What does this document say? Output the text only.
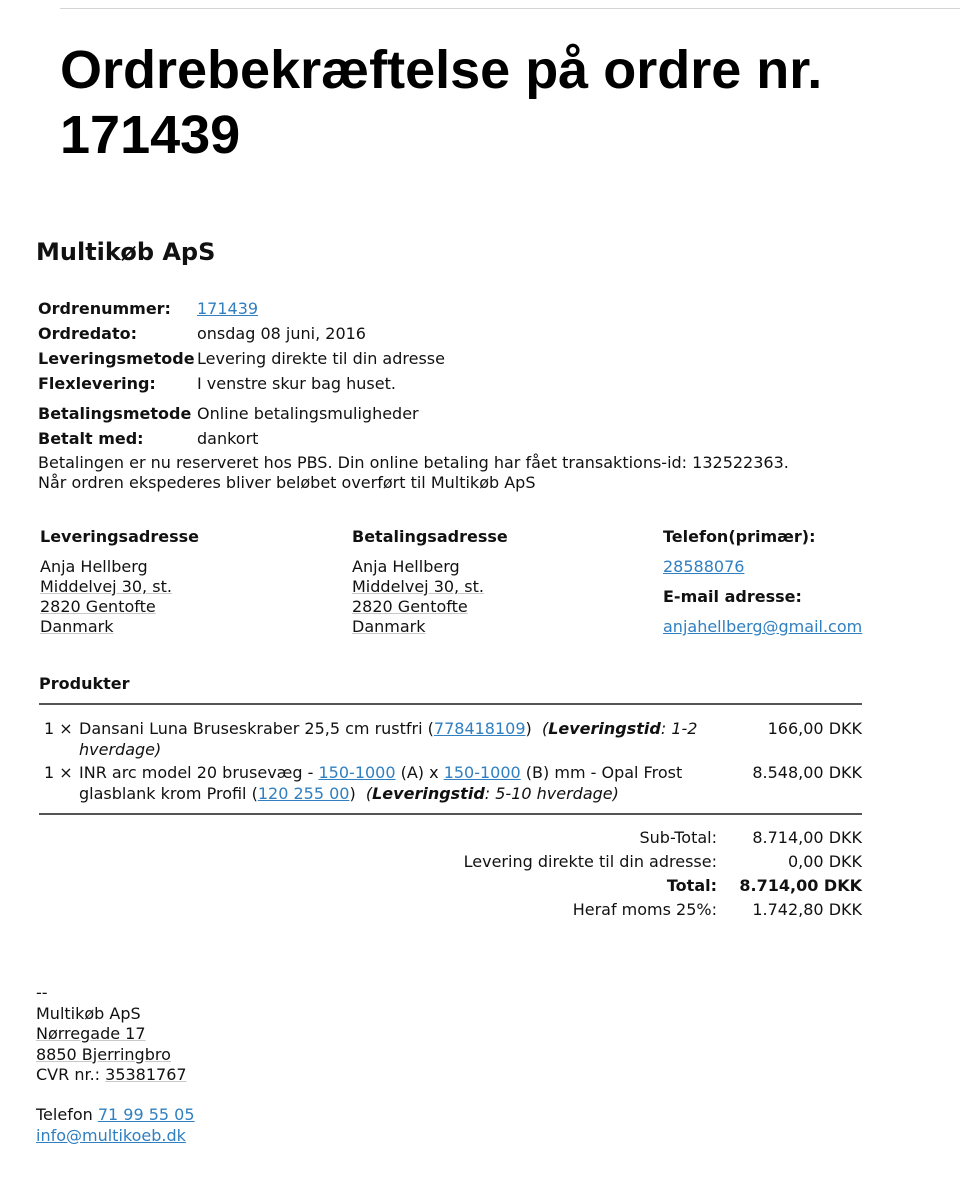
Ordrebekræftelse på ordre nr.
171439
Multikøb ApS
Ordrenummer: 171439
Ordredato:	onsdag 08 juni, 2016
Leveringsmetode Levering direkte til din adresse
Flexlevering:	I venstre skur bag huset.
Betalingsmetode Online betalingsmuligheder
Betalt med:	dankort
Betalingen er nu reserveret hos PBS. Din online betaling har fået transaktions-id: 132522363.
Når ordren ekspederes bliver beløbet overført til Multikøb ApS
Leveringsadresse
Anja Hellberg
Middelvej 30, st.
2820 Gentofte
Danmark
Betalingsadresse
Anja Hellberg
Middelvej 30, st.
2820 Gentofte
Danmark
Telefon(primær):
28588076
E-mail adresse:
anjahellberg@gmail.com
Produkter
1 × Dansani Luna Bruseskraber 25,5 cm rustfri (778418109) (Leveringstid: 1-2 hverdage)
166,00 DKK
1 × INR arc model 20 brusevæg - 150-1000 (A) x 150-1000 (B) mm - Opal Frost glasblank krom Profil (120 255 00) (Leveringstid: 5-10 hverdage)
8.548,00 DKK
Sub-Total: 8.714,00 DKK
Levering direkte til din adresse:	0,00 DKK
Total: 8.714,00 DKK
Heraf moms 25%: 1.742,80 DKK
--
Multikøb ApS
Nørregade 17
8850 Bjerringbro
CVR nr.: 35381767
Telefon 71 99 55 05
info@multikoeb.dk
